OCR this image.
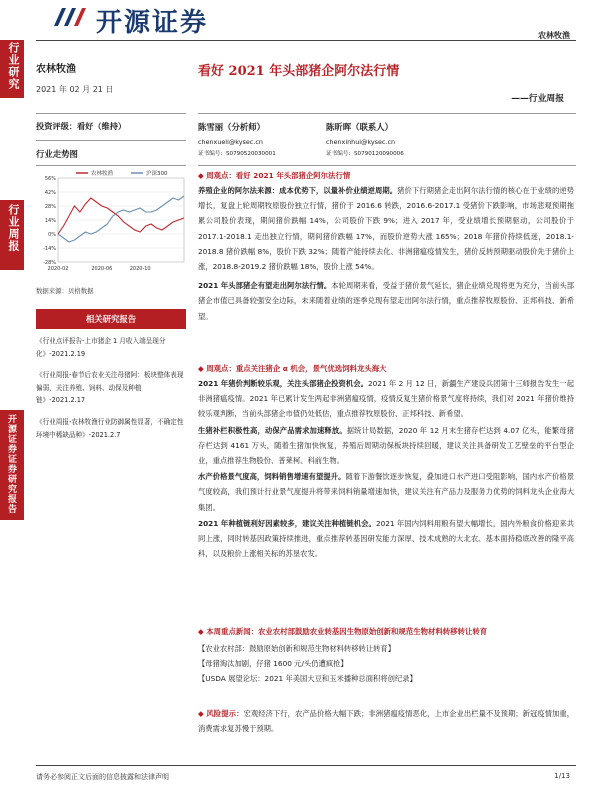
开源证券	农林牧渔
行业研究
行业周报
开源证券证券研究报告
农林牧渔
2021 年 02 月 21 日
投资评级：看好（维持）
行业走势图
56%
42%
28%
14%
0%
-14%
-28%
2020-02	2020-06	2020-10
农林牧渔	沪深300
数据来源：贝格数据
相关研究报告
《行业点评报告-上市猪企 1 月收入端呈现分化》-2021.2.19
《行业周报-春节后农业关注母猪阿：板块整体表现偏弱，关注养殖、饲料、动保及种植链》-2021.2.17
《行业周报-农林牧渔行业防御属性显著，不确定性环境中稀缺品种》-2021.2.7
看好 2021 年头部猪企阿尔法行情
——行业周报
陈雪丽（分析师）
chenxueli@kysec.cn
证书编号：S0790520030001
陈昕晖（联系人）
chenxinhui@kysec.cn
证书编号：S0790120090006
◆ 周观点：看好 2021 年头部猪企阿尔法行情
养殖企业的阿尔法来源：成本优势下，以量补价业绩逆周期。猪价下行期猪企走出阿尔法行情的核心在于业绩的逆势增长，复盘上轮周期牧原股份独立行情，猪价于 2016.6 转跌，2016.6-2017.1 受猪价下跌影响，市场悲观预期拖累公司股价表现，期间猪价跌幅 14%，公司股价下跌 9%；进入 2017 年，受业绩增长预期驱动，公司股价于 2017.1-2018.1 走出独立行情，期间猪价跌幅 17%，而股价逆势大涨 165%；2018 年猪价持续低迷，2018.1-2018.8 猪价跌幅 8%，股价下跌 32%；随着产能持续去化、非洲猪瘟疫情发生，猪价反转预期驱动股价先于猪价上涨，2018.8-2019.2 猪价跌幅 18%，股价上涨 54%。
2021 年头部猪企有望走出阿尔法行情。本轮周期来看，受益于猪价景气延长，猪企业绩兑现将更为充分，当前头部猪企市值已具备较强安全边际，未来随着业绩的逐季兑现有望走出阿尔法行情，重点推荐牧原股份、正邦科技、新希望。
◆ 周观点：重点关注猪企 α 机会，景气优选饲料龙头海大
2021 年猪价判断较乐观，关注头部猪企投资机会。2021 年 2 月 12 日，新疆生产建设兵团第十三师报告发生一起非洲猪瘟疫情。2021 年已累计发生两起非洲猪瘟疫情，疫情反复生猪价格景气度将持续，我们对 2021 年猪价维持较乐观判断，当前头部猪企市值仍处低估，重点推荐牧原股份、正邦科技、新希望。
生猪补栏积极性高，动保产品需求加速释放。据统计局数据，2020 年 12 月末生猪存栏达到 4.07 亿头，能繁母猪存栏达到 4161 万头，随着生猪加快恢复，养殖后周期动保板块持续回暖，建议关注具备研发工艺壁垒的平台型企业，重点推荐生物股份、普莱柯、科前生物。
水产价格景气度高，饲料销售增速有望提升。随着下游餐饮逐步恢复，叠加进口水产进口受阻影响，国内水产价格景气度较高，我们预计行业景气度提升将带来饲料销量增速加快，建议关注有产品力及服务力优势的饲料龙头企业海大集团。
2021 年种植链利好因素较多，建议关注种植链机会。2021 年国内饲料用粮有望大幅增长，国内外粮食价格迎来共同上涨，同时转基因政策持续推进，重点推荐转基因研发能力深厚、技术成熟的大北农、基本面持稳底改善的隆平高科，以及粮价上涨相关标的苏垦农发。
◆ 本周重点新闻：农业农村部鼓励农业转基因生物原始创新和规范生物材料转移转让转育
【农业农村部：鼓励原始创新和规范生物材料转移转让转育】
【母猪淘汰加剧，仔猪 1600 元/头仍遭疯抢】
【USDA 展望论坛：2021 年美国大豆和玉米播种总面积将创纪录】
◆ 风险提示：宏观经济下行，农产品价格大幅下跌；非洲猪瘟疫情恶化，上市企业出栏量不及预期；新冠疫情加重，消费需求复苏慢于预期。
请务必参阅正文后面的信息披露和法律声明	1/13
